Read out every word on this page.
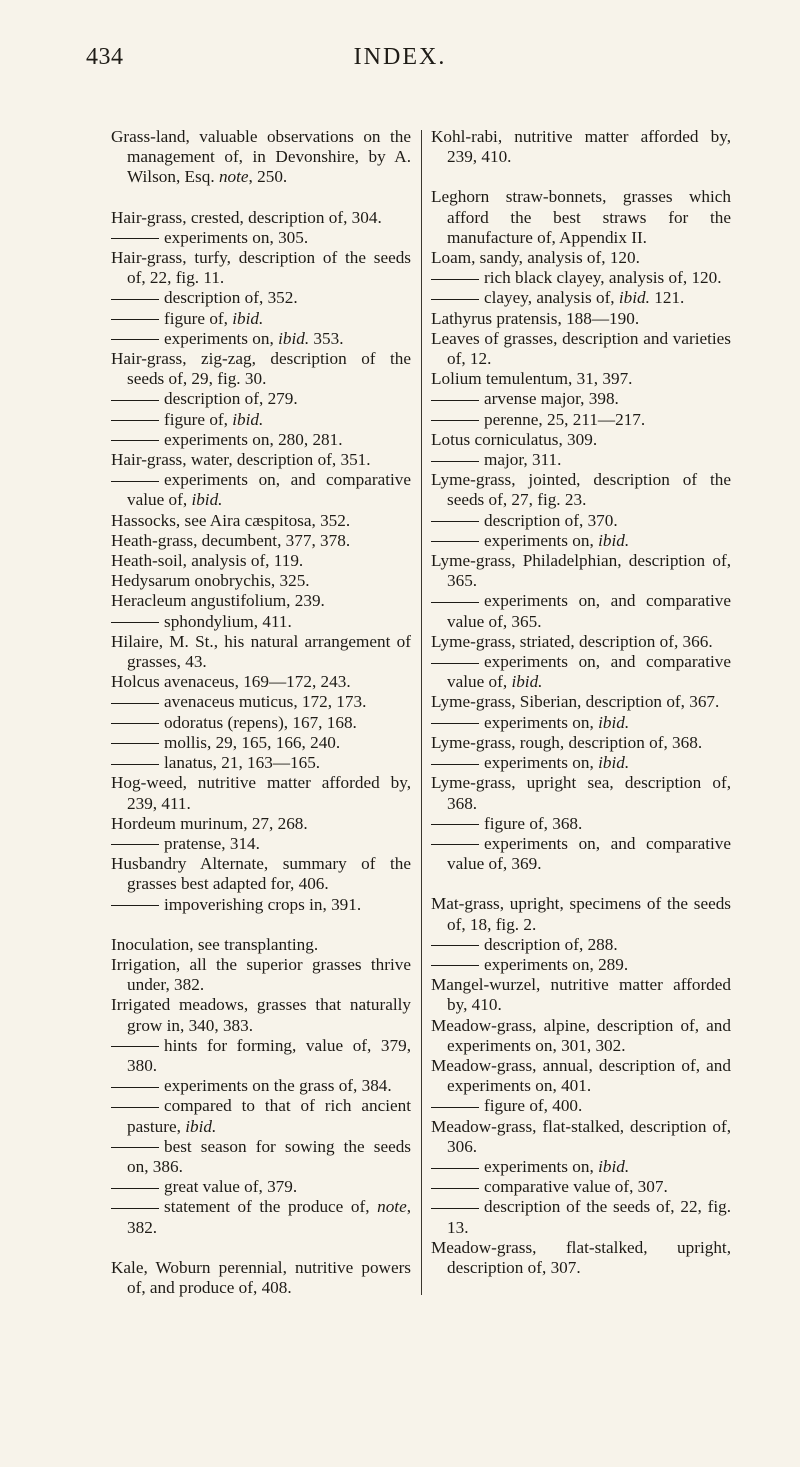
434	INDEX.

Grass-land, valuable observations on the management of, in Devonshire, by A. Wilson, Esq. note, 250.

Hair-grass, crested, description of, 304.

experiments on, 305.

Hair-grass, turfy, description of the seeds of, 22, fig. 11.

description of, 352.

figure of, ibid.

experiments on, ibid. 353.

Hair-grass, zig-zag, description of the seeds of, 29, fig. 30.

description of, 279.

figure of, ibid.

experiments on, 280, 281.

Hair-grass, water, description of, 351.

experiments on, and comparative value of, ibid.

Hassocks, see Aira cæspitosa, 352.

Heath-grass, decumbent, 377, 378.

Heath-soil, analysis of, 119.

Hedysarum onobrychis, 325.

Heracleum angustifolium, 239.

sphondylium, 411.

Hilaire, M. St., his natural arrangement of grasses, 43.

Holcus avenaceus, 169—172, 243.

avenaceus muticus, 172, 173.

odoratus (repens), 167, 168.

mollis, 29, 165, 166, 240.

lanatus, 21, 163—165.

Hog-weed, nutritive matter afforded by, 239, 411.

Hordeum murinum, 27, 268.

pratense, 314.

Husbandry Alternate, summary of the grasses best adapted for, 406.

impoverishing crops in, 391.

Inoculation, see transplanting.

Irrigation, all the superior grasses thrive under, 382.

Irrigated meadows, grasses that naturally grow in, 340, 383.

hints for forming, value of, 379, 380.

experiments on the grass of, 384.

compared to that of rich ancient pasture, ibid.

best season for sowing the seeds on, 386.

great value of, 379.

statement of the produce of, note, 382.

Kale, Woburn perennial, nutritive powers of, and produce of, 408.

Kohl-rabi, nutritive matter afforded by, 239, 410.

Leghorn straw-bonnets, grasses which afford the best straws for the manufacture of, Appendix II.

Loam, sandy, analysis of, 120.

rich black clayey, analysis of, 120.

clayey, analysis of, ibid. 121.

Lathyrus pratensis, 188—190.

Leaves of grasses, description and varieties of, 12.

Lolium temulentum, 31, 397.

arvense major, 398.

perenne, 25, 211—217.

Lotus corniculatus, 309.

major, 311.

Lyme-grass, jointed, description of the seeds of, 27, fig. 23.

description of, 370.

experiments on, ibid.

Lyme-grass, Philadelphian, description of, 365.

experiments on, and comparative value of, 365.

Lyme-grass, striated, description of, 366.

experiments on, and comparative value of, ibid.

Lyme-grass, Siberian, description of, 367.

experiments on, ibid.

Lyme-grass, rough, description of, 368.

experiments on, ibid.

Lyme-grass, upright sea, description of, 368.

figure of, 368.

experiments on, and comparative value of, 369.

Mat-grass, upright, specimens of the seeds of, 18, fig. 2.

description of, 288.

experiments on, 289.

Mangel-wurzel, nutritive matter afforded by, 410.

Meadow-grass, alpine, description of, and experiments on, 301, 302.

Meadow-grass, annual, description of, and experiments on, 401.

figure of, 400.

Meadow-grass, flat-stalked, description of, 306.

experiments on, ibid.

comparative value of, 307.

description of the seeds of, 22, fig. 13.

Meadow-grass, flat-stalked, upright, description of, 307.
